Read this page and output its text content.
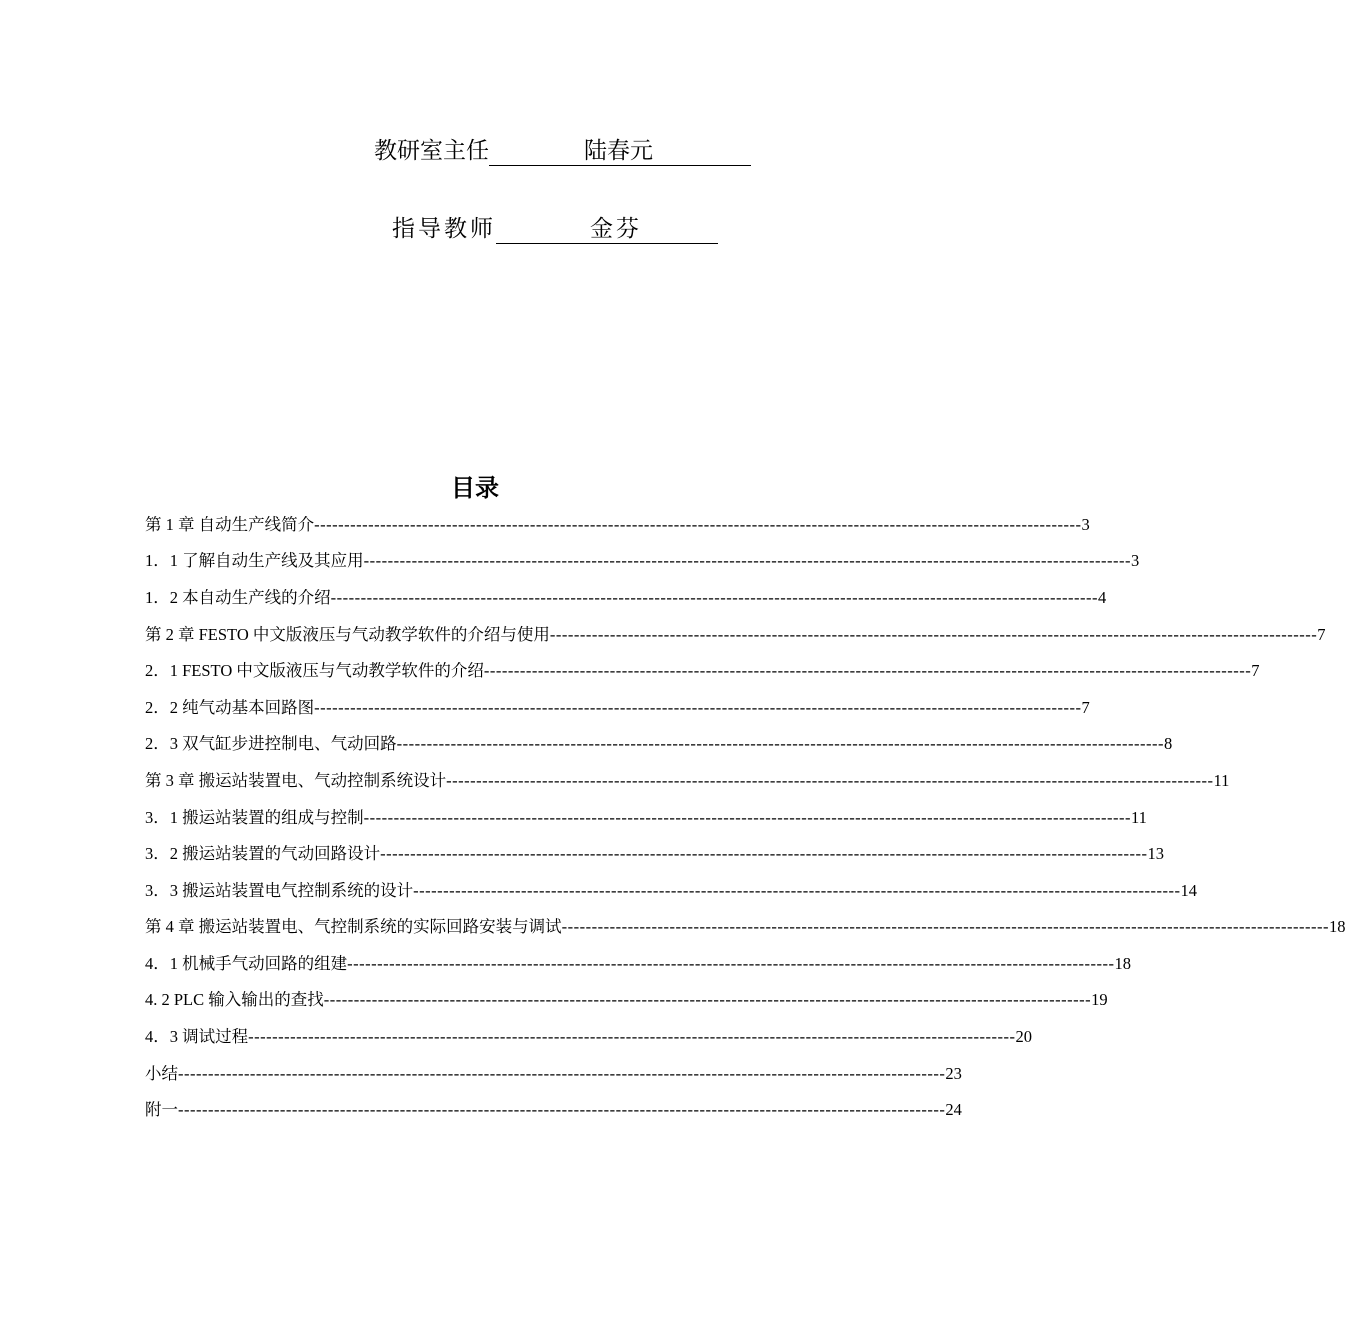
教研室主任	陆春元
指导教师	金芬
目录
第 1 章 自动生产线简介 -------------------------------------------------------------------------------------------------------------------------------- 3
1．1 了解自动生产线及其应用 -------------------------------------------------------------------------------------------------------------------------------- 3
1．2 本自动生产线的介绍 -------------------------------------------------------------------------------------------------------------------------------- 4
第 2 章 FESTO 中文版液压与气动教学软件的介绍与使用 -------------------------------------------------------------------------------------------------------------------------------- 7
2．1 FESTO 中文版液压与气动教学软件的介绍 -------------------------------------------------------------------------------------------------------------------------------- 7
2．2 纯气动基本回路图 -------------------------------------------------------------------------------------------------------------------------------- 7
2．3 双气缸步进控制电、气动回路 -------------------------------------------------------------------------------------------------------------------------------- 8
第 3 章 搬运站装置电、气动控制系统设计 -------------------------------------------------------------------------------------------------------------------------------- 11
3．1 搬运站装置的组成与控制 -------------------------------------------------------------------------------------------------------------------------------- 11
3．2 搬运站装置的气动回路设计 -------------------------------------------------------------------------------------------------------------------------------- 13
3．3 搬运站装置电气控制系统的设计 -------------------------------------------------------------------------------------------------------------------------------- 14
第 4 章 搬运站装置电、气控制系统的实际回路安装与调试 -------------------------------------------------------------------------------------------------------------------------------- 18
4．1 机械手气动回路的组建 -------------------------------------------------------------------------------------------------------------------------------- 18
4. 2 PLC 输入输出的查找 -------------------------------------------------------------------------------------------------------------------------------- 19
4．3 调试过程 -------------------------------------------------------------------------------------------------------------------------------- 20
小结 -------------------------------------------------------------------------------------------------------------------------------- 23
附一 -------------------------------------------------------------------------------------------------------------------------------- 24
